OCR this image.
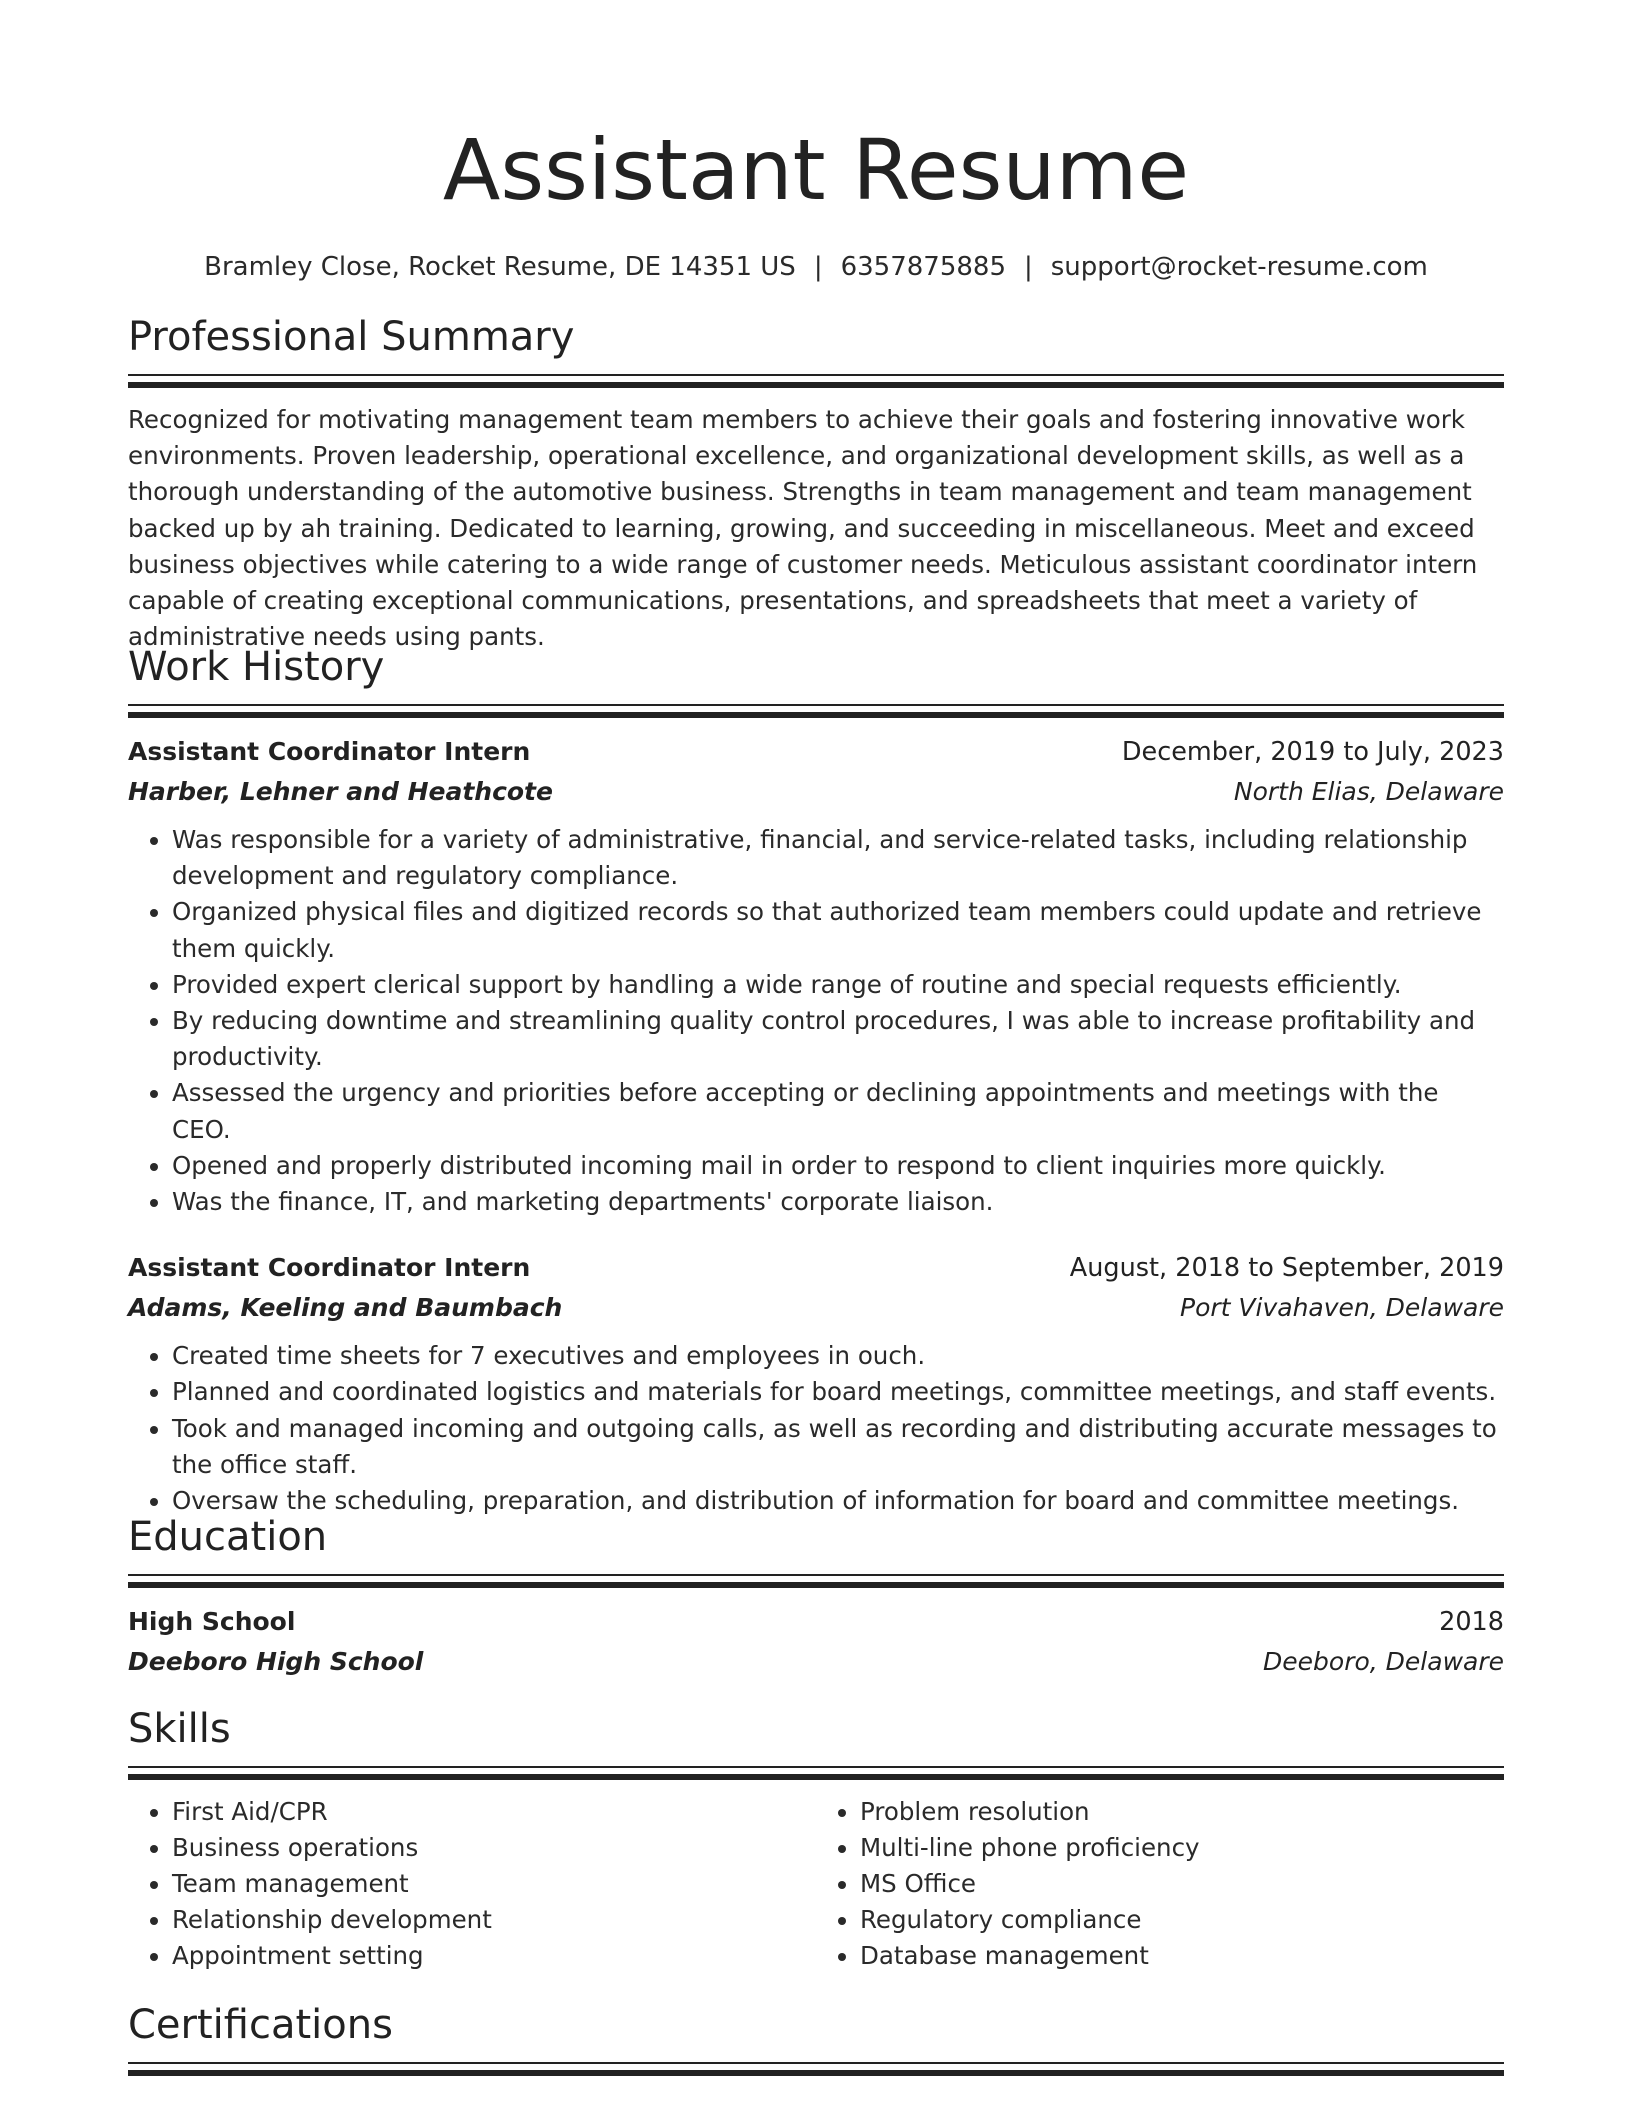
Assistant Resume
Bramley Close, Rocket Resume, DE 14351 US | 6357875885 | support@rocket-resume.com
Professional Summary

Recognized for motivating management team members to achieve their goals and fostering innovative work environments. Proven leadership, operational excellence, and organizational development skills, as well as a thorough understanding of the automotive business. Strengths in team management and team management backed up by ah training. Dedicated to learning, growing, and succeeding in miscellaneous. Meet and exceed business objectives while catering to a wide range of customer needs. Meticulous assistant coordinator intern capable of creating exceptional communications, presentations, and spreadsheets that meet a variety of administrative needs using pants.

Work History
Assistant Coordinator Intern	December, 2019 to July, 2023
Harber, Lehner and Heathcote	North Elias, Delaware
• Was responsible for a variety of administrative, financial, and service-related tasks, including relationship development and regulatory compliance.
• Organized physical files and digitized records so that authorized team members could update and retrieve them quickly.
• Provided expert clerical support by handling a wide range of routine and special requests efficiently.
• By reducing downtime and streamlining quality control procedures, I was able to increase profitability and productivity.
• Assessed the urgency and priorities before accepting or declining appointments and meetings with the CEO.
• Opened and properly distributed incoming mail in order to respond to client inquiries more quickly.
• Was the finance, IT, and marketing departments' corporate liaison.
Assistant Coordinator Intern	August, 2018 to September, 2019
Adams, Keeling and Baumbach	Port Vivahaven, Delaware
• Created time sheets for 7 executives and employees in ouch.
• Planned and coordinated logistics and materials for board meetings, committee meetings, and staff events.
• Took and managed incoming and outgoing calls, as well as recording and distributing accurate messages to the office staff.
• Oversaw the scheduling, preparation, and distribution of information for board and committee meetings.
Education
High School	2018
Deeboro High School	Deeboro, Delaware
Skills
• First Aid/CPR
• Business operations
• Team management
• Relationship development
• Appointment setting
• Problem resolution
• Multi-line phone proficiency
• MS Office
• Regulatory compliance
• Database management
Certifications
